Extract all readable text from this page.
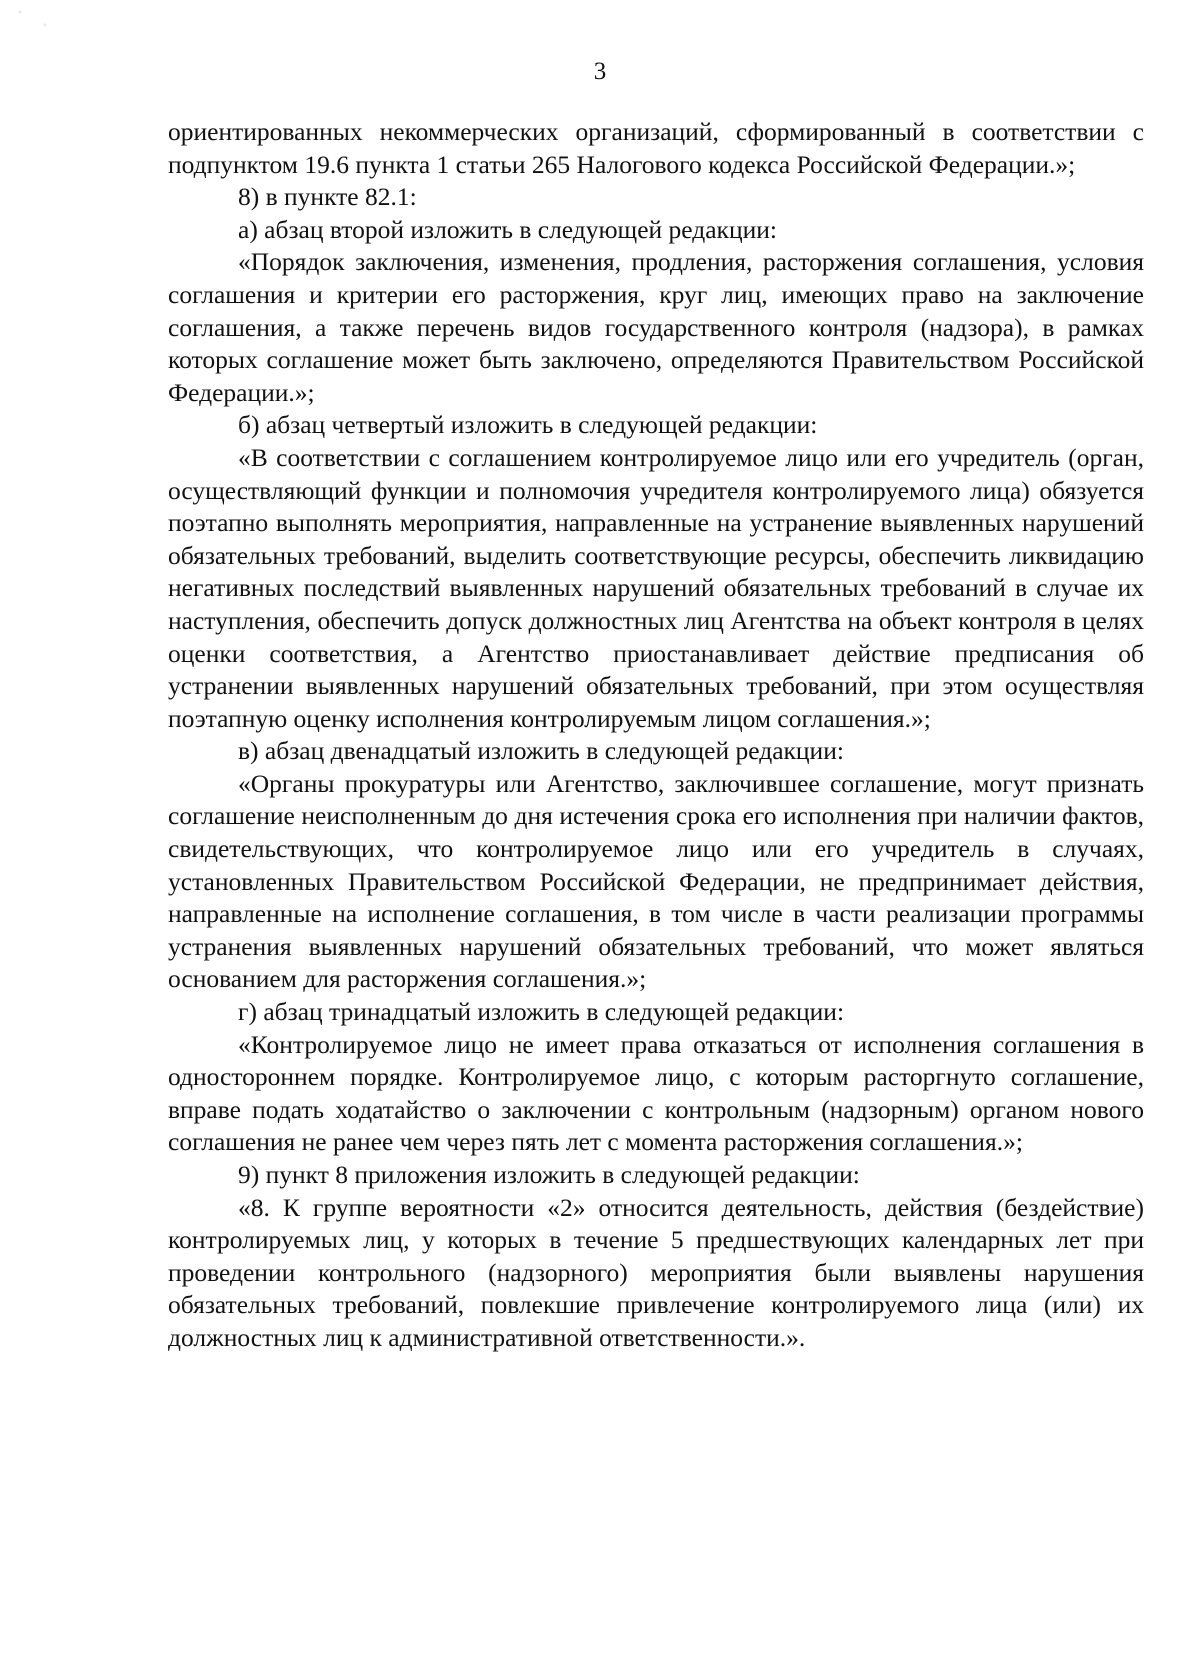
3

ориентированных некоммерческих организаций, сформированный в соответствии с подпунктом 19.6 пункта 1 статьи 265 Налогового кодекса Российской Федерации.»;

8) в пункте 82.1:

а) абзац второй изложить в следующей редакции:

«Порядок заключения, изменения, продления, расторжения соглашения, условия соглашения и критерии его расторжения, круг лиц, имеющих право на заключение соглашения, а также перечень видов государственного контроля (надзора), в рамках которых соглашение может быть заключено, определяются Правительством Российской Федерации.»;

б) абзац четвертый изложить в следующей редакции:

«В соответствии с соглашением контролируемое лицо или его учредитель (орган, осуществляющий функции и полномочия учредителя контролируемого лица) обязуется поэтапно выполнять мероприятия, направленные на устранение выявленных нарушений обязательных требований, выделить соответствующие ресурсы, обеспечить ликвидацию негативных последствий выявленных нарушений обязательных требований в случае их наступления, обеспечить допуск должностных лиц Агентства на объект контроля в целях оценки соответствия, а Агентство приостанавливает действие предписания об устранении выявленных нарушений обязательных требований, при этом осуществляя поэтапную оценку исполнения контролируемым лицом соглашения.»;

в) абзац двенадцатый изложить в следующей редакции:

«Органы прокуратуры или Агентство, заключившее соглашение, могут признать соглашение неисполненным до дня истечения срока его исполнения при наличии фактов, свидетельствующих, что контролируемое лицо или его учредитель в случаях, установленных Правительством Российской Федерации, не предпринимает действия, направленные на исполнение соглашения, в том числе в части реализации программы устранения выявленных нарушений обязательных требований, что может являться основанием для расторжения соглашения.»;

г) абзац тринадцатый изложить в следующей редакции:

«Контролируемое лицо не имеет права отказаться от исполнения соглашения в одностороннем порядке. Контролируемое лицо, с которым расторгнуто соглашение, вправе подать ходатайство о заключении с контрольным (надзорным) органом нового соглашения не ранее чем через пять лет с момента расторжения соглашения.»;

9) пункт 8 приложения изложить в следующей редакции:

«8. К группе вероятности «2» относится деятельность, действия (бездействие) контролируемых лиц, у которых в течение 5 предшествующих календарных лет при проведении контрольного (надзорного) мероприятия были выявлены нарушения обязательных требований, повлекшие привлечение контролируемого лица (или) их должностных лиц к административной ответственности.».
